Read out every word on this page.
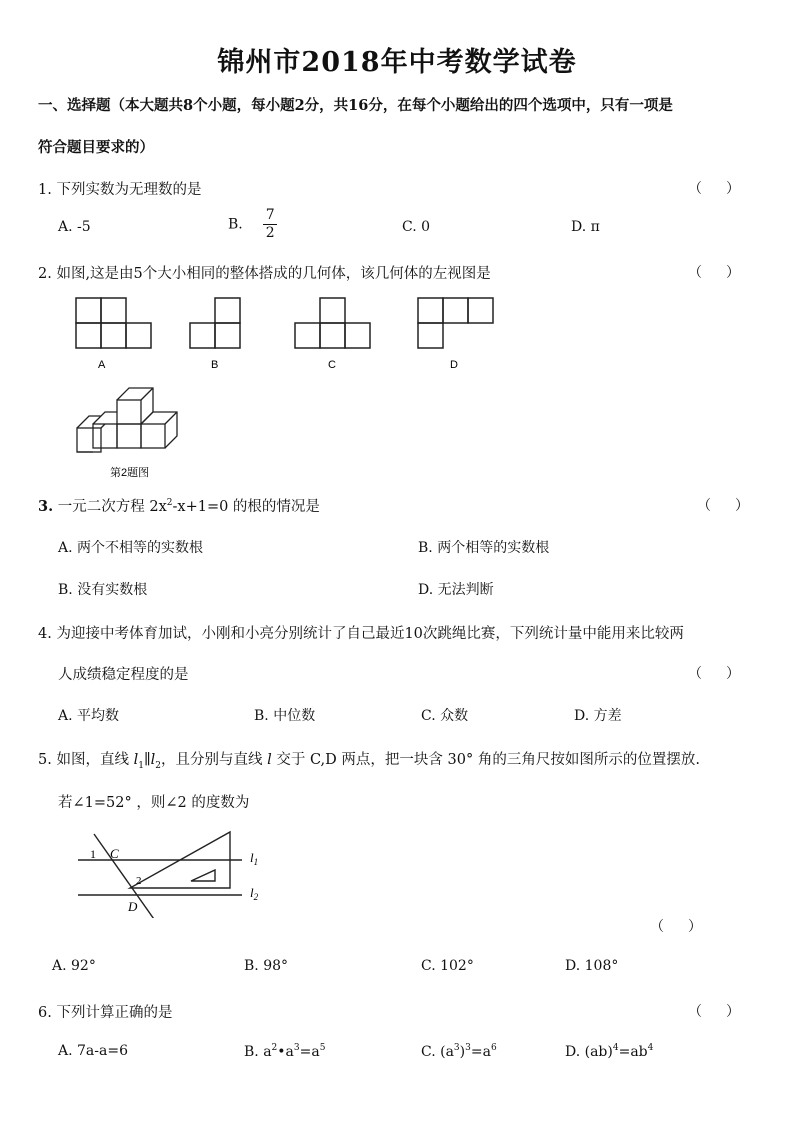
锦州市2018年中考数学试卷
一、选择题（本大题共8个小题，每小题2分，共16分，在每个小题给出的四个选项中，只有一项是
符合题目要求的）
1. 下列实数为无理数的是	（ ）
A. -5	B. $\frac{7}{2}$	C. 0	D. π
2. 如图,这是由5个大小相同的整体搭成的几何体，该几何体的左视图是	（ ）
A	B	C	D
第2题图
3. 一元二次方程 $2x^2-x+1=0$ 的根的情况是	（ ）
A. 两个不相等的实数根	B. 两个相等的实数根
B. 没有实数根	D. 无法判断
4. 为迎接中考体育加试，小刚和小亮分别统计了自己最近10次跳绳比赛，下列统计量中能用来比较两
人成绩稳定程度的是	（ ）
A. 平均数	B. 中位数	C. 众数	D. 方差
5. 如图，直线 $l_1\parallel l_2$，且分别与直线 l 交于 C,D 两点，把一块含 30° 角的三角尺按如图所示的位置摆放.
若∠1=52° ，则∠2 的度数为
1 C
2
D
$l_1$
$l_2$
（ ）
A. 92°	B. 98°	C. 102°	D. 108°
6. 下列计算正确的是	（ ）
A. 7a-a=6	B. $a^2•a^3=a^5$	C. $(a^3)^3=a^6$	D. $(ab)^4=ab^4$
